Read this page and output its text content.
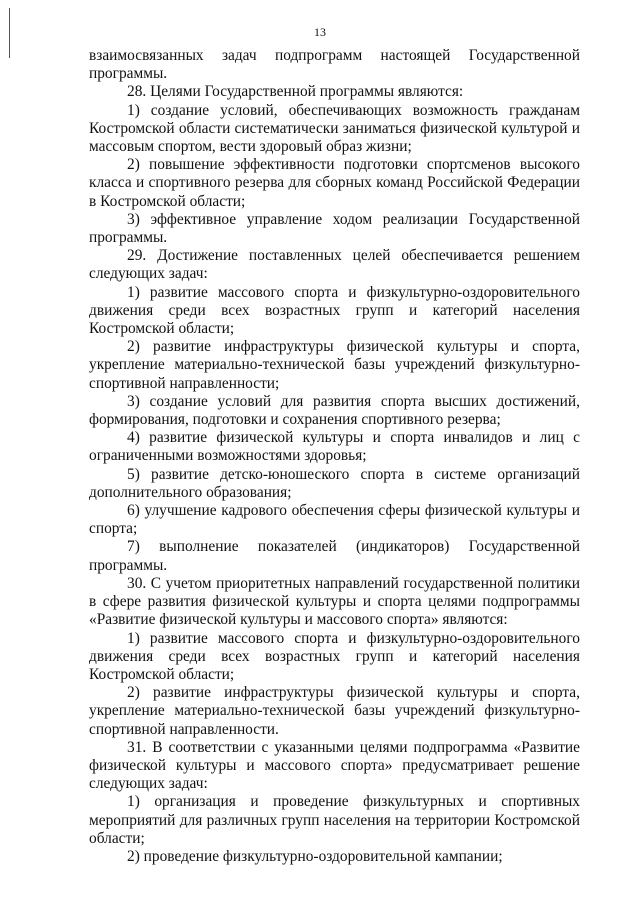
13

взаимосвязанных задач подпрограмм настоящей Государственной программы.

28. Целями Государственной программы являются:

1) создание условий, обеспечивающих возможность гражданам Костромской области систематически заниматься физической культурой и массовым спортом, вести здоровый образ жизни;

2) повышение эффективности подготовки спортсменов высокого класса и спортивного резерва для сборных команд Российской Федерации в Костромской области;

3) эффективное управление ходом реализации Государственной программы.

29. Достижение поставленных целей обеспечивается решением следующих задач:

1) развитие массового спорта и физкультурно-оздоровительного движения среди всех возрастных групп и категорий населения Костромской области;

2) развитие инфраструктуры физической культуры и спорта, укрепление материально-технической базы учреждений физкультурно-спортивной направленности;

3) создание условий для развития спорта высших достижений, формирования, подготовки и сохранения спортивного резерва;

4) развитие физической культуры и спорта инвалидов и лиц с ограниченными возможностями здоровья;

5) развитие детско-юношеского спорта в системе организаций дополнительного образования;

6) улучшение кадрового обеспечения сферы физической культуры и спорта;

7) выполнение показателей (индикаторов) Государственной программы.

30. С учетом приоритетных направлений государственной политики в сфере развития физической культуры и спорта целями подпрограммы «Развитие физической культуры и массового спорта» являются:

1) развитие массового спорта и физкультурно-оздоровительного движения среди всех возрастных групп и категорий населения Костромской области;

2) развитие инфраструктуры физической культуры и спорта, укрепление материально-технической базы учреждений физкультурно-спортивной направленности.

31. В соответствии с указанными целями подпрограмма «Развитие физической культуры и массового спорта» предусматривает решение следующих задач:

1) организация и проведение физкультурных и спортивных мероприятий для различных групп населения на территории Костромской области;

2) проведение физкультурно-оздоровительной кампании;
